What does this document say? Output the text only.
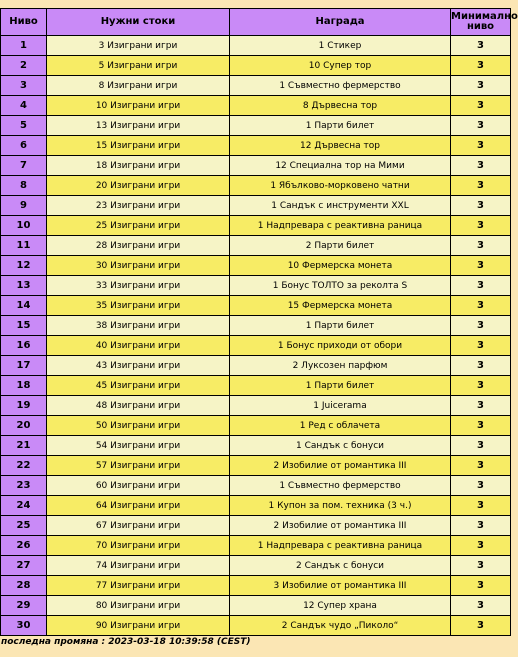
Ниво	Нужни стоки	Награда	Минимално
ниво
1	3 Изиграни игри	1 Стикер	3
2	5 Изиграни игри	10 Супер тор	3
3	8 Изиграни игри	1 Съвместно фермерство	3
4	10 Изиграни игри	8 Дървесна тор	3
5	13 Изиграни игри	1 Парти билет	3
6	15 Изиграни игри	12 Дървесна тор	3
7	18 Изиграни игри	12 Специална тор на Мими	3
8	20 Изиграни игри	1 Ябълково-морковено чатни	3
9	23 Изиграни игри	1 Сандък с инструменти XXL	3
10	25 Изиграни игри	1 Надпревара с реактивна раница	3
11	28 Изиграни игри	2 Парти билет	3
12	30 Изиграни игри	10 Фермерска монета	3
13	33 Изиграни игри	1 Бонус ТОЛТО за реколта S	3
14	35 Изиграни игри	15 Фермерска монета	3
15	38 Изиграни игри	1 Парти билет	3
16	40 Изиграни игри	1 Бонус приходи от обори	3
17	43 Изиграни игри	2 Луксозен парфюм	3
18	45 Изиграни игри	1 Парти билет	3
19	48 Изиграни игри	1 Juicerama	3
20	50 Изиграни игри	1 Ред с облачета	3
21	54 Изиграни игри	1 Сандък с бонуси	3
22	57 Изиграни игри	2 Изобилие от романтика III	3
23	60 Изиграни игри	1 Съвместно фермерство	3
24	64 Изиграни игри	1 Купон за пом. техника (3 ч.)	3
25	67 Изиграни игри	2 Изобилие от романтика III	3
26	70 Изиграни игри	1 Надпревара с реактивна раница	3
27	74 Изиграни игри	2 Сандък с бонуси	3
28	77 Изиграни игри	3 Изобилие от романтика III	3
29	80 Изиграни игри	12 Супер храна	3
30	90 Изиграни игри	2 Сандък чудо „Пиколо“	3
последна промяна : 2023-03-18 10:39:58 (CEST)
